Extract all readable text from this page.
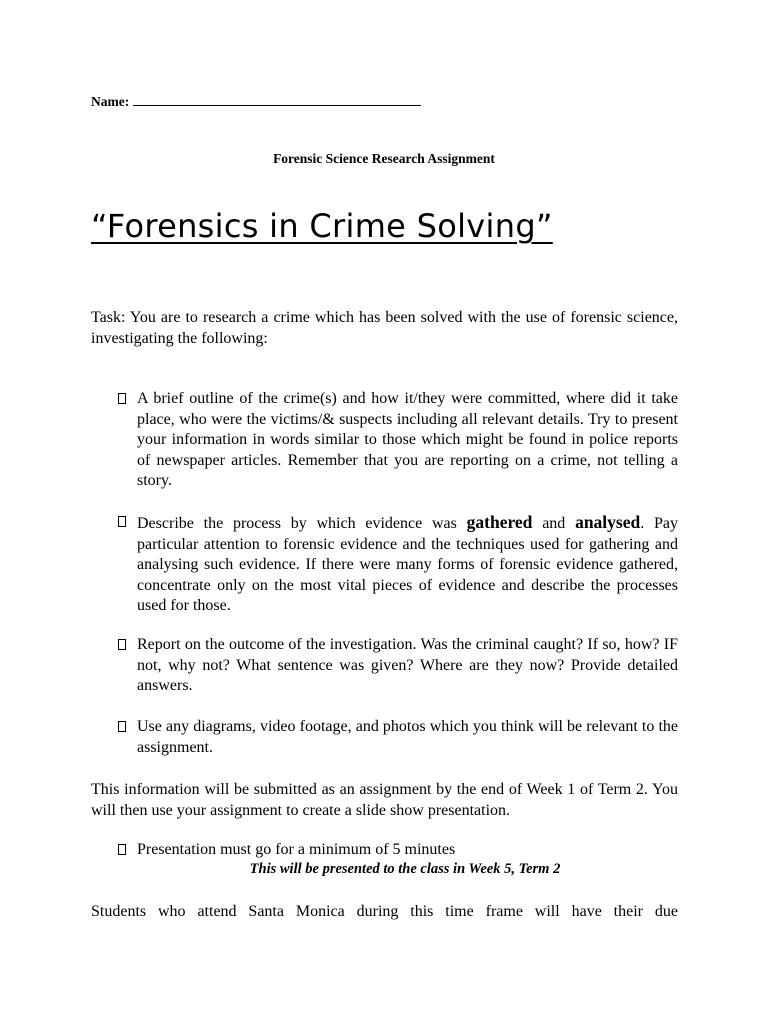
Name:
Forensic Science Research Assignment
“Forensics in Crime Solving”
Task: You are to research a crime which has been solved with the use of forensic science, investigating the following:
A brief outline of the crime(s) and how it/they were committed, where did it take place, who were the victims/& suspects including all relevant details. Try to present your information in words similar to those which might be found in police reports of newspaper articles. Remember that you are reporting on a crime, not telling a story.
Describe the process by which evidence was gathered and analysed. Pay particular attention to forensic evidence and the techniques used for gathering and analysing such evidence. If there were many forms of forensic evidence gathered, concentrate only on the most vital pieces of evidence and describe the processes used for those.
Report on the outcome of the investigation. Was the criminal caught? If so, how? IF not, why not? What sentence was given? Where are they now? Provide detailed answers.
Use any diagrams, video footage, and photos which you think will be relevant to the assignment.
This information will be submitted as an assignment by the end of Week 1 of Term 2. You will then use your assignment to create a slide show presentation.
Presentation must go for a minimum of 5 minutes
This will be presented to the class in Week 5, Term 2
Students who attend Santa Monica during this time frame will have their due
